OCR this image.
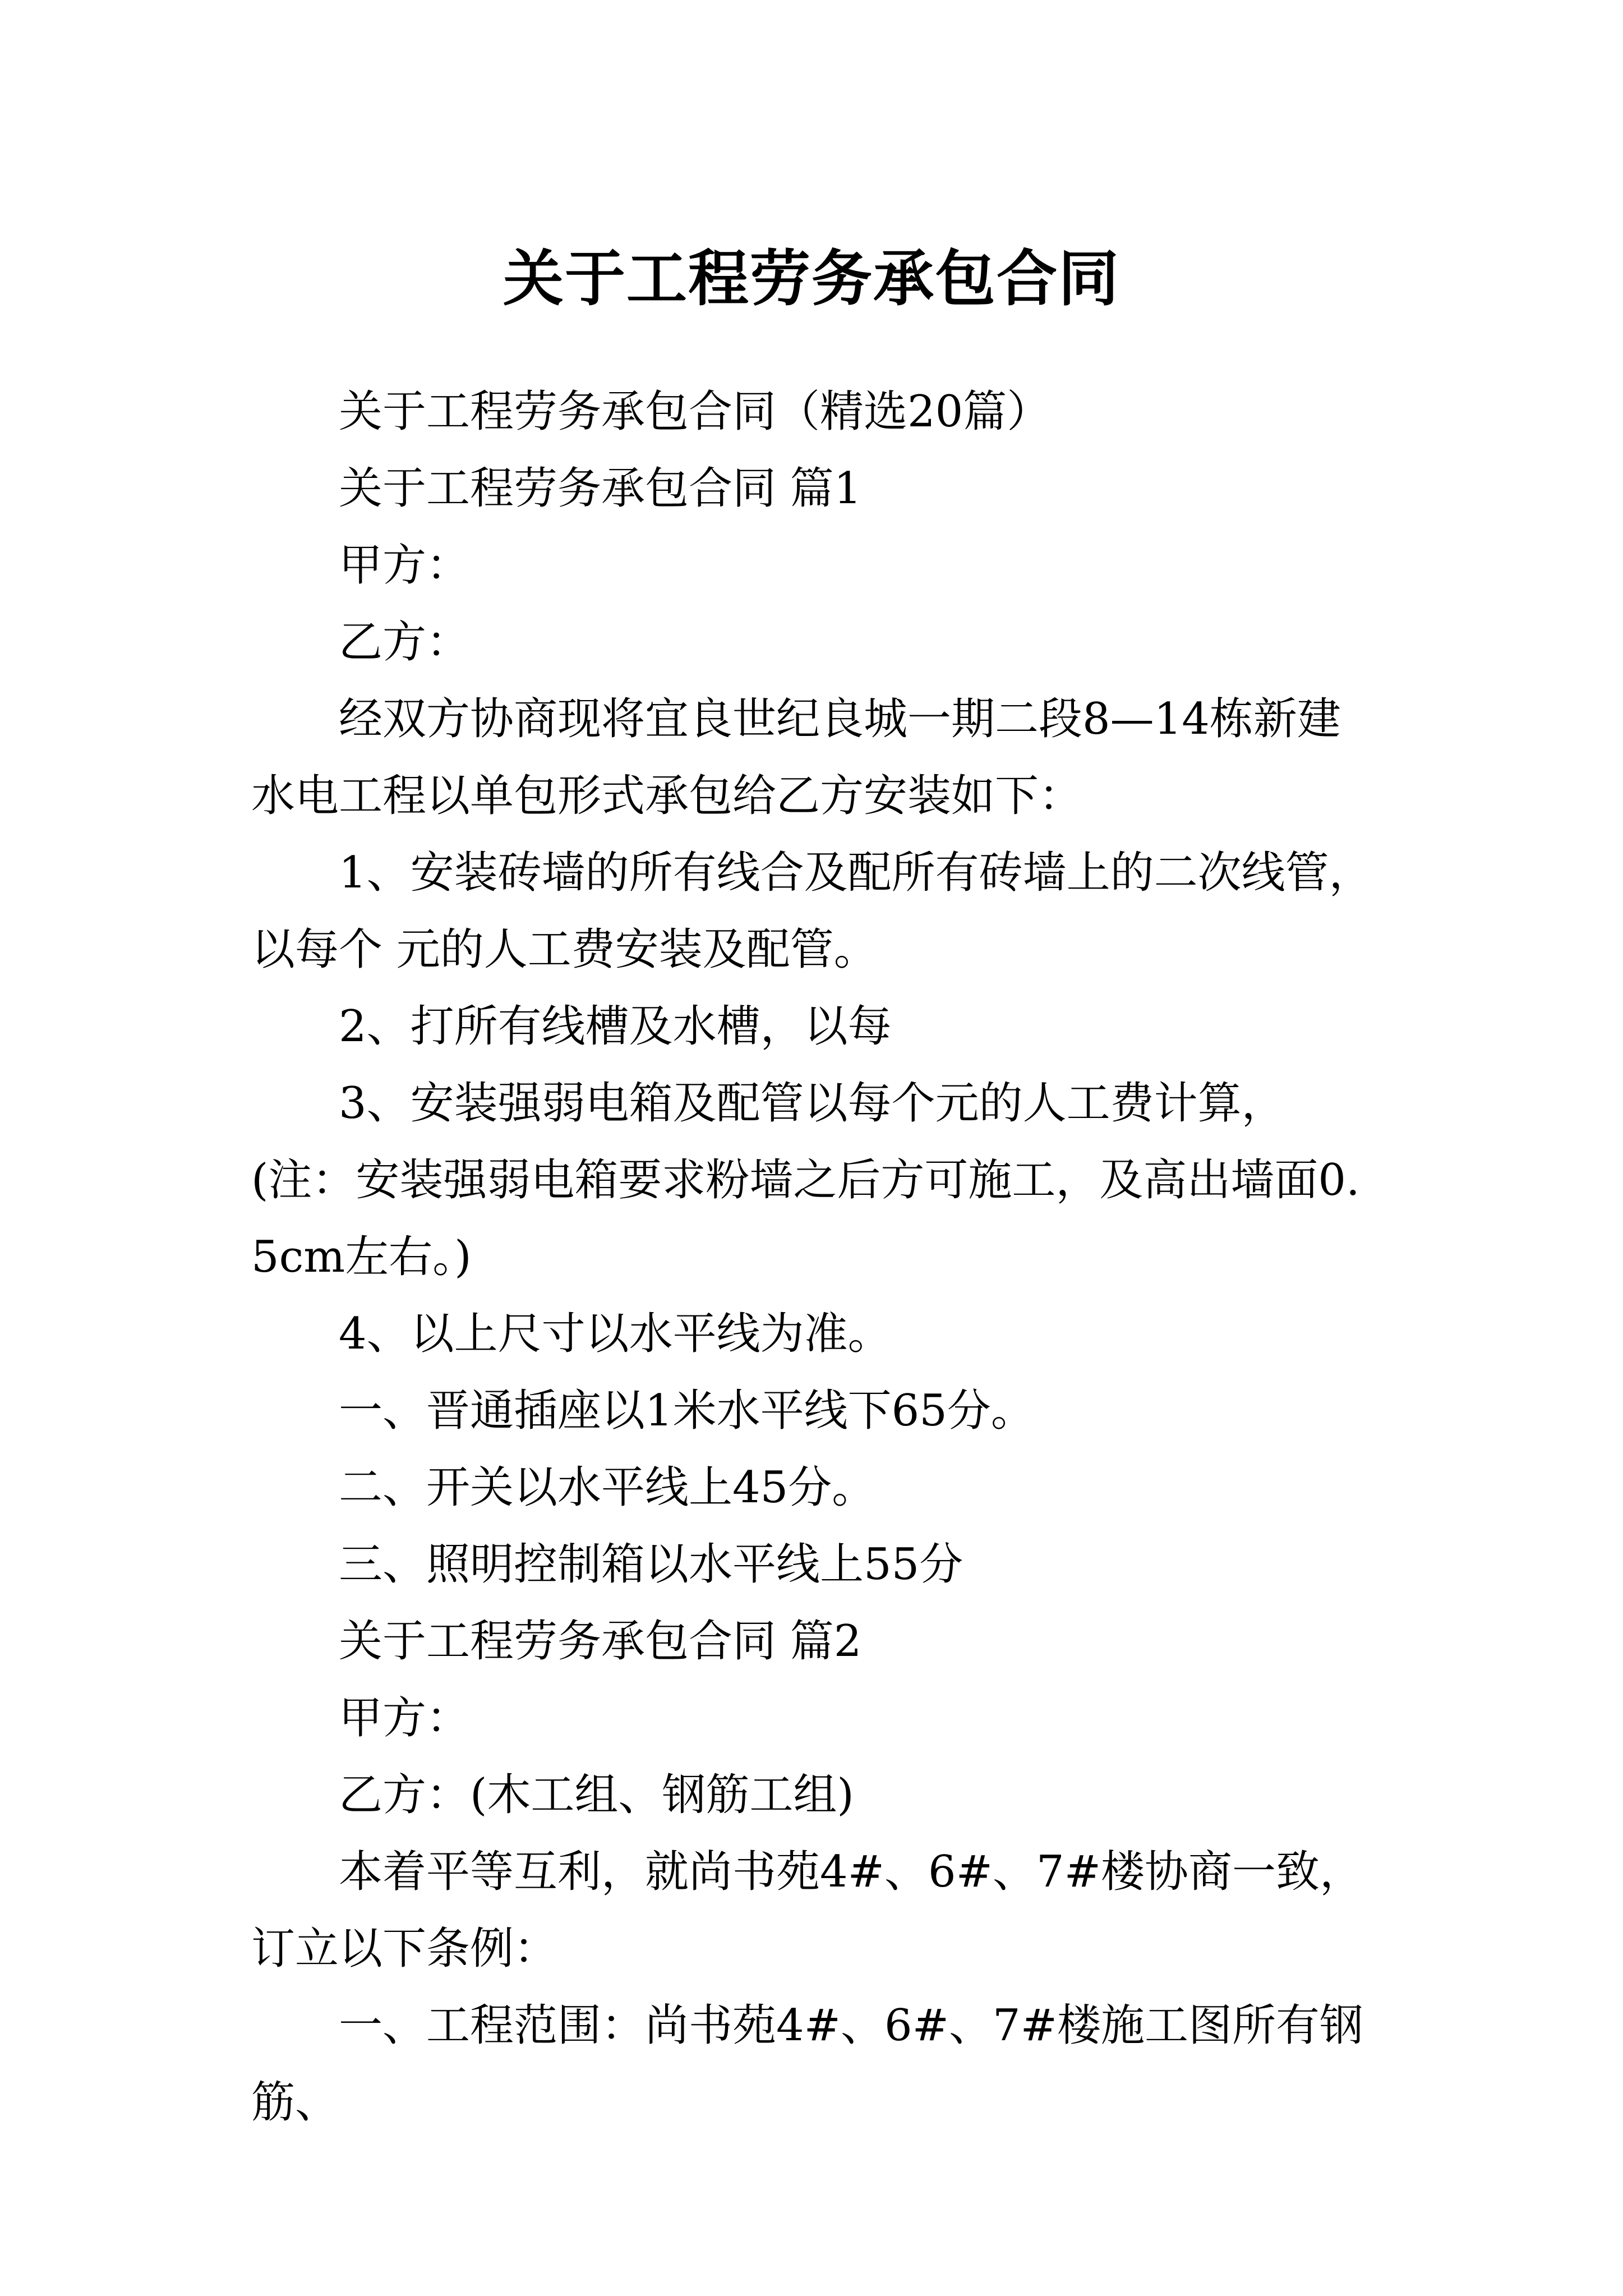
关于工程劳务承包合同

关于工程劳务承包合同（精选20篇）

关于工程劳务承包合同 篇1

甲方：

乙方：

经双方协商现将宜良世纪良城一期二段8—14栋新建水电工程以单包形式承包给乙方安装如下：

1、安装砖墙的所有线合及配所有砖墙上的二次线管，以每个 元的人工费安装及配管。

2、打所有线槽及水槽，以每

3、安装强弱电箱及配管以每个元的人工费计算，(注：安装强弱电箱要求粉墙之后方可施工，及高出墙面0.5cm左右。)

4、以上尺寸以水平线为准。

一、晋通插座以1米水平线下65分。

二、开关以水平线上45分。

三、照明控制箱以水平线上55分

关于工程劳务承包合同 篇2

甲方：

乙方：(木工组、钢筋工组)

本着平等互利，就尚书苑4#、6#、7#楼协商一致，订立以下条例：

一、工程范围：尚书苑4#、6#、7#楼施工图所有钢筋、
